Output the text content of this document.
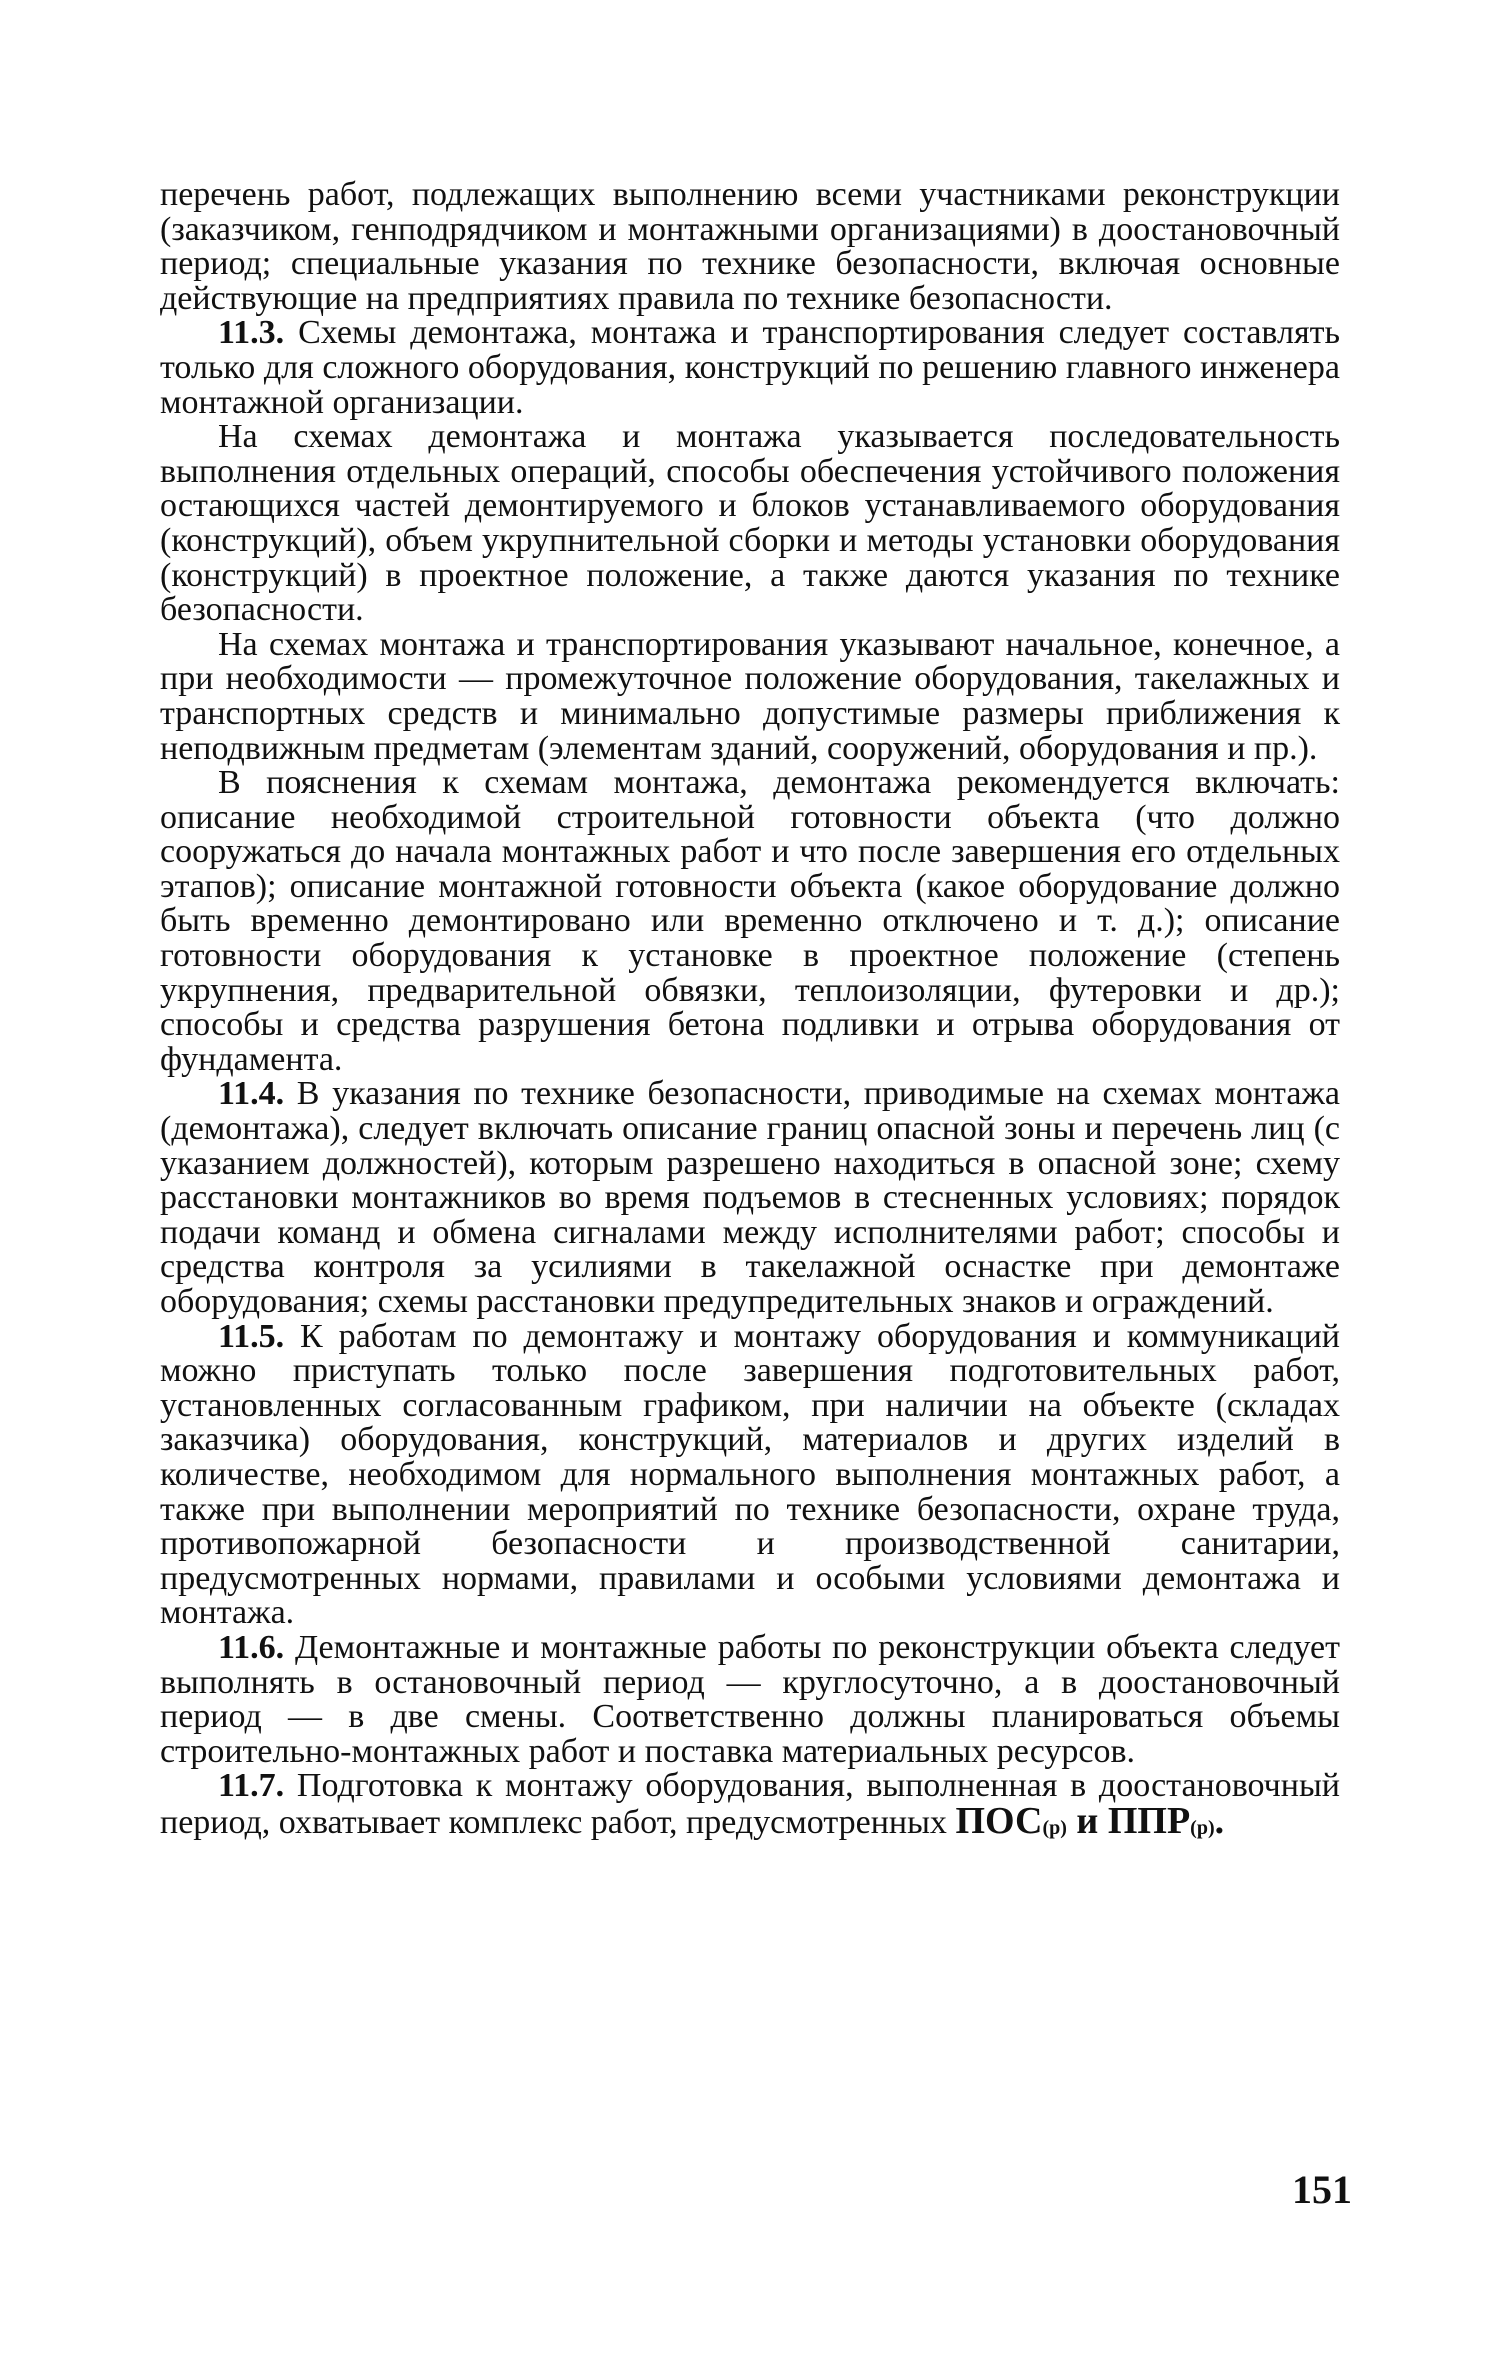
перечень работ, подлежащих выполнению всеми участниками реконструкции (заказчиком, генподрядчиком и монтажными организациями) в доостановочный период; специальные указания по технике безопасности, включая основные действующие на предприятиях правила по технике безопасности.

11.3. Схемы демонтажа, монтажа и транспортирования следует составлять только для сложного оборудования, конструкций по решению главного инженера монтажной организации.

На схемах демонтажа и монтажа указывается последовательность выполнения отдельных операций, способы обеспечения устойчивого положения остающихся частей демонтируемого и блоков устанавливаемого оборудования (конструкций), объем укрупнительной сборки и методы установки оборудования (конструкций) в проектное положение, а также даются указания по технике безопасности.

На схемах монтажа и транспортирования указывают начальное, конечное, а при необходимости — промежуточное положение оборудования, такелажных и транспортных средств и минимально допустимые размеры приближения к неподвижным предметам (элементам зданий, сооружений, оборудования и пр.).

В пояснения к схемам монтажа, демонтажа рекомендуется включать: описание необходимой строительной готовности объекта (что должно сооружаться до начала монтажных работ и что после завершения его отдельных этапов); описание монтажной готовности объекта (какое оборудование должно быть временно демонтировано или временно отключено и т. д.); описание готовности оборудования к установке в проектное положение (степень укрупнения, предварительной обвязки, теплоизоляции, футеровки и др.); способы и средства разрушения бетона подливки и отрыва оборудования от фундамента.

11.4. В указания по технике безопасности, приводимые на схемах монтажа (демонтажа), следует включать описание границ опасной зоны и перечень лиц (с указанием должностей), которым разрешено находиться в опасной зоне; схему расстановки монтажников во время подъемов в стесненных условиях; порядок подачи команд и обмена сигналами между исполнителями работ; способы и средства контроля за усилиями в такелажной оснастке при демонтаже оборудования; схемы расстановки предупредительных знаков и ограждений.

11.5. К работам по демонтажу и монтажу оборудования и коммуникаций можно приступать только после завершения подготовительных работ, установленных согласованным графиком, при наличии на объекте (складах заказчика) оборудования, конструкций, материалов и других изделий в количестве, необходимом для нормального выполнения монтажных работ, а также при выполнении мероприятий по технике безопасности, охране труда, противопожарной безопасности и производственной санитарии, предусмотренных нормами, правилами и особыми условиями демонтажа и монтажа.

11.6. Демонтажные и монтажные работы по реконструкции объекта следует выполнять в остановочный период — круглосуточно, а в доостановочный период — в две смены. Соответственно должны планироваться объемы строительно-монтажных работ и поставка материальных ресурсов.

11.7. Подготовка к монтажу оборудования, выполненная в доостановочный период, охватывает комплекс работ, предусмотренных $ПОС_{(р)}$ и $ППР_{(р)}$.

151
